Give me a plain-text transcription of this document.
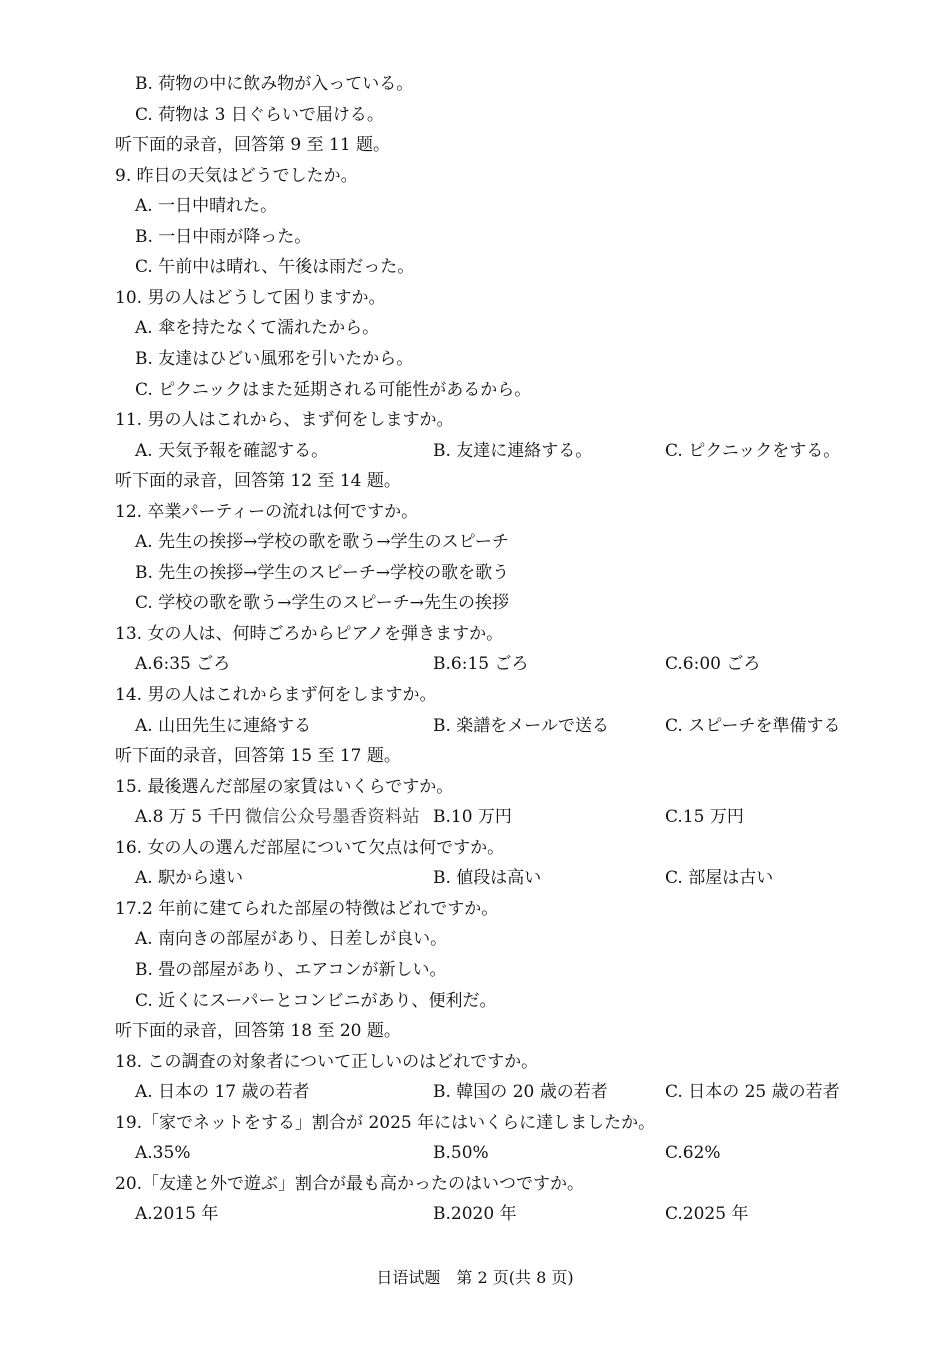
B. 荷物の中に飲み物が入っている。
C. 荷物は 3 日ぐらいで届ける。
听下面的录音，回答第 9 至 11 题。
9. 昨日の天気はどうでしたか。
A. 一日中晴れた。
B. 一日中雨が降った。
C. 午前中は晴れ、午後は雨だった。
10. 男の人はどうして困りますか。
A. 傘を持たなくて濡れたから。
B. 友達はひどい風邪を引いたから。
C. ピクニックはまた延期される可能性があるから。
11. 男の人はこれから、まず何をしますか。
A. 天気予報を確認する。	B. 友達に連絡する。	C. ピクニックをする。
听下面的录音，回答第 12 至 14 题。
12. 卒業パーティーの流れは何ですか。
A. 先生の挨拶→学校の歌を歌う→学生のスピーチ
B. 先生の挨拶→学生のスピーチ→学校の歌を歌う
C. 学校の歌を歌う→学生のスピーチ→先生の挨拶
13. 女の人は、何時ごろからピアノを弾きますか。
A.6:35 ごろ	B.6:15 ごろ	C.6:00 ごろ
14. 男の人はこれからまず何をしますか。
A. 山田先生に連絡する	B. 楽譜をメールで送る	C. スピーチを準備する
听下面的录音，回答第 15 至 17 题。
15. 最後選んだ部屋の家賃はいくらですか。
A.8 万 5 千円 微信公众号墨香资料站 B.10 万円	C.15 万円
16. 女の人の選んだ部屋について欠点は何ですか。
A. 駅から遠い	B. 値段は高い	C. 部屋は古い
17.2 年前に建てられた部屋の特徴はどれですか。
A. 南向きの部屋があり、日差しが良い。
B. 畳の部屋があり、エアコンが新しい。
C. 近くにスーパーとコンビニがあり、便利だ。
听下面的录音，回答第 18 至 20 题。
18. この調査の対象者について正しいのはどれですか。
A. 日本の 17 歳の若者	B. 韓国の 20 歳の若者	C. 日本の 25 歳の若者
19.「家でネットをする」割合が 2025 年にはいくらに達しましたか。
A.35%	B.50%	C.62%
20.「友達と外で遊ぶ」割合が最も高かったのはいつですか。
A.2015 年	B.2020 年	C.2025 年
日语试题　第 2 页(共 8 页)
